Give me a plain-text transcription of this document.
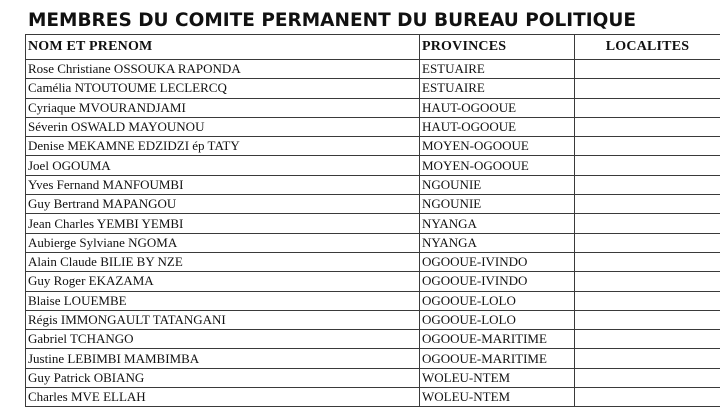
MEMBRES DU COMITE PERMANENT DU BUREAU POLITIQUE
NOM ET PRENOM	PROVINCES	LOCALITES
Rose Christiane OSSOUKA RAPONDA	ESTUAIRE	
Camélia NTOUTOUME LECLERCQ	ESTUAIRE	
Cyriaque MVOURANDJAMI	HAUT-OGOOUE	
Séverin OSWALD MAYOUNOU	HAUT-OGOOUE	
Denise MEKAMNE EDZIDZI ép TATY	MOYEN-OGOOUE	
Joel OGOUMA	MOYEN-OGOOUE	
Yves Fernand MANFOUMBI	NGOUNIE	
Guy Bertrand MAPANGOU	NGOUNIE	
Jean Charles YEMBI YEMBI	NYANGA	
Aubierge Sylviane NGOMA	NYANGA	
Alain Claude BILIE BY NZE	OGOOUE-IVINDO	
Guy Roger EKAZAMA	OGOOUE-IVINDO	
Blaise LOUEMBE	OGOOUE-LOLO	
Régis IMMONGAULT TATANGANI	OGOOUE-LOLO	
Gabriel TCHANGO	OGOOUE-MARITIME	
Justine LEBIMBI MAMBIMBA	OGOOUE-MARITIME	
Guy Patrick OBIANG	WOLEU-NTEM	
Charles MVE ELLAH	WOLEU-NTEM	
